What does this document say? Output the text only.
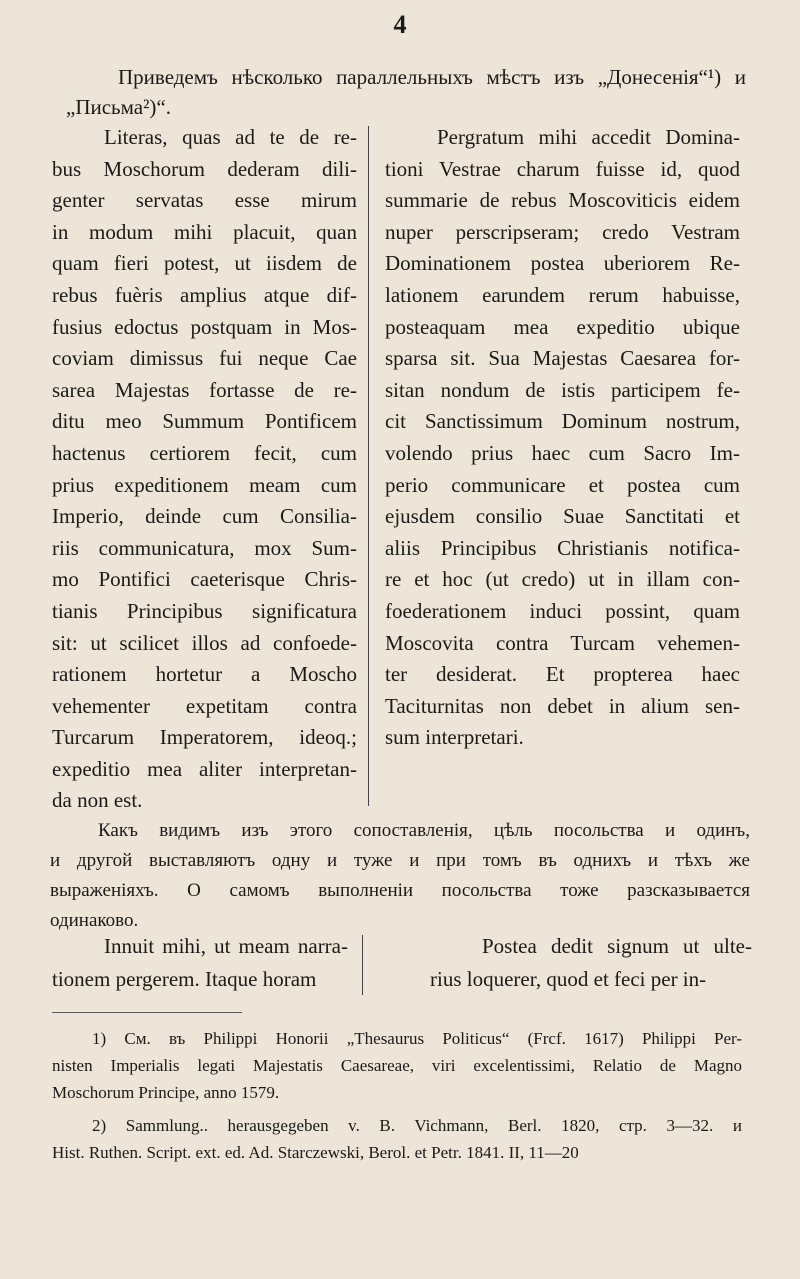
4

Приведемъ нѣсколько параллельныхъ мѣстъ изъ „Донесенія“¹) и „Письма²)“.

Literas, quas ad te de re-
bus Moschorum dederam dili-
genter servatas esse mirum
in modum mihi placuit, quan
quam fieri potest, ut iisdem de
rebus fuèris amplius atque dif-
fusius edoctus postquam in Mos-
coviam dimissus fui neque Cae
sarea Majestas fortasse de re-
ditu meo Summum Pontificem
hactenus certiorem fecit, cum
prius expeditionem meam cum
Imperio, deinde cum Consilia-
riis communicatura, mox Sum-
mo Pontifici caeterisque Chris-
tianis Principibus significatura
sit: ut scilicet illos ad confoede-
rationem hortetur a Moscho
vehementer expetitam contra
Turcarum Imperatorem, ideoq.;
expeditio mea aliter interpretan-
da non est.
Pergratum mihi accedit Domina-
tioni Vestrae charum fuisse id, quod
summarie de rebus Moscoviticis eidem
nuper perscripseram; credo Vestram
Dominationem postea uberiorem Re-
lationem earundem rerum habuisse,
posteaquam mea expeditio ubique
sparsa sit. Sua Majestas Caesarea for-
sitan nondum de istis participem fe-
cit Sanctissimum Dominum nostrum,
volendo prius haec cum Sacro Im-
perio communicare et postea cum
ejusdem consilio Suae Sanctitati et
aliis Principibus Christianis notifica-
re et hoc (ut credo) ut in illam con-
foederationem induci possint, quam
Moscovita contra Turcam vehemen-
ter desiderat. Et propterea haec
Taciturnitas non debet in alium sen-
sum interpretari.
Какъ видимъ изъ этого сопоставленія, цѣль посольства и одинъ,
и другой выставляютъ одну и туже и при томъ въ однихъ и тѣхъ же
выраженіяхъ. О самомъ выполненіи посольства тоже разсказывается
одинаково.
Innuit mihi, ut meam narra-
tionem pergerem. Itaque horam
Postea dedit signum ut ulte-
rius loquerer, quod et feci per in-
1) См. въ Philippi Honorii „Thesaurus Politicus“ (Frcf. 1617) Philippi Per-
nisten Imperialis legati Majestatis Caesareae, viri excelentissimi, Relatio de Magno
Moschorum Principe, anno 1579.
2) Sammlung.. herausgegeben v. B. Vichmann, Berl. 1820, стр. 3—32. и
Hist. Ruthen. Script. ext. ed. Ad. Starczewski, Berol. et Petr. 1841. II, 11—20
